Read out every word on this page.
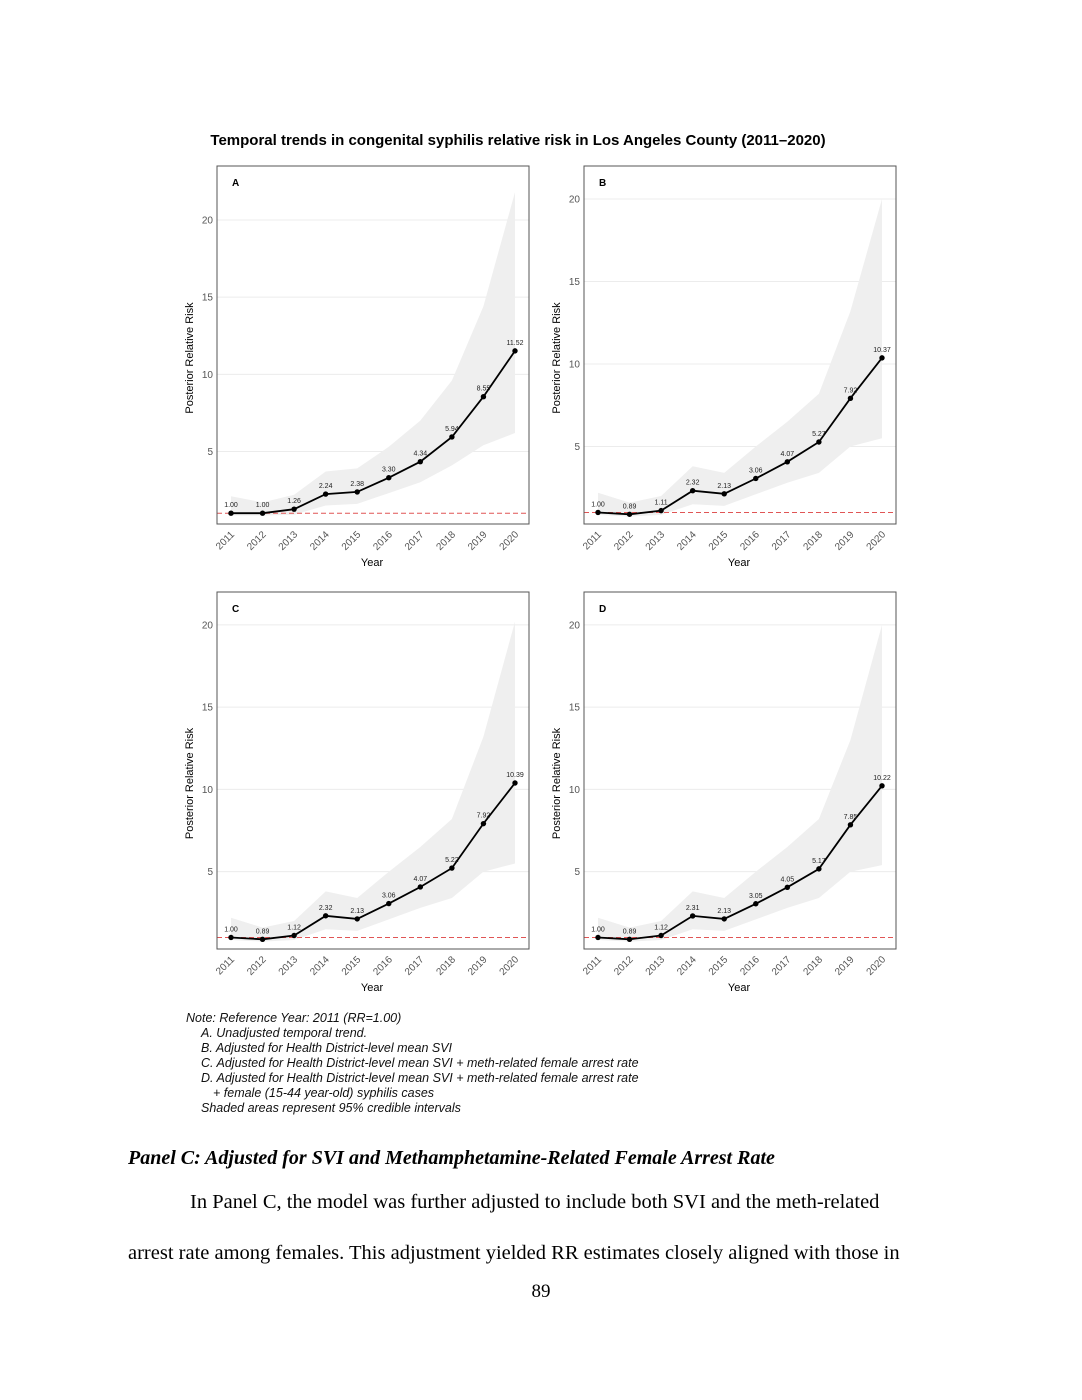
Temporal trends in congenital syphilis relative risk in Los Angeles County (2011–2020)
1.00	1.00
1.26
2.24	2.38
3.30
4.34
5.94
8.55
11.52
A
5
10
15
20
2011 2012 2013 2014 2015 2016 2017 2018 2019 2020
Year
Posterior Relative Risk
1.00	0.89
1.11
2.32	2.13
3.06
4.07
5.27
7.92
10.37
B
5
10
15
20
2011 2012 2013 2014 2015 2016 2017 2018 2019 2020
Year
Posterior Relative Risk
1.00	0.89
1.12
2.32	2.13
3.06
4.07
5.22
7.92
10.39
C
5
10
15
20
2011 2012 2013 2014 2015 2016 2017 2018 2019 2020
Year
Posterior Relative Risk
1.00	0.89
1.12
2.31	2.13
3.05
4.05
5.17
7.85
10.22
D
5
10
15
20
2011 2012 2013 2014 2015 2016 2017 2018 2019 2020
Year
Posterior Relative Risk
Note: Reference Year: 2011 (RR=1.00)
A. Unadjusted temporal trend.
B. Adjusted for Health District-level mean SVI
C. Adjusted for Health District-level mean SVI + meth-related female arrest rate
D. Adjusted for Health District-level mean SVI + meth-related female arrest rate
+ female (15-44 year-old) syphilis cases
Shaded areas represent 95% credible intervals
Panel C: Adjusted for SVI and Methamphetamine-Related Female Arrest Rate
In Panel C, the model was further adjusted to include both SVI and the meth-related
arrest rate among females. This adjustment yielded RR estimates closely aligned with those in
89
